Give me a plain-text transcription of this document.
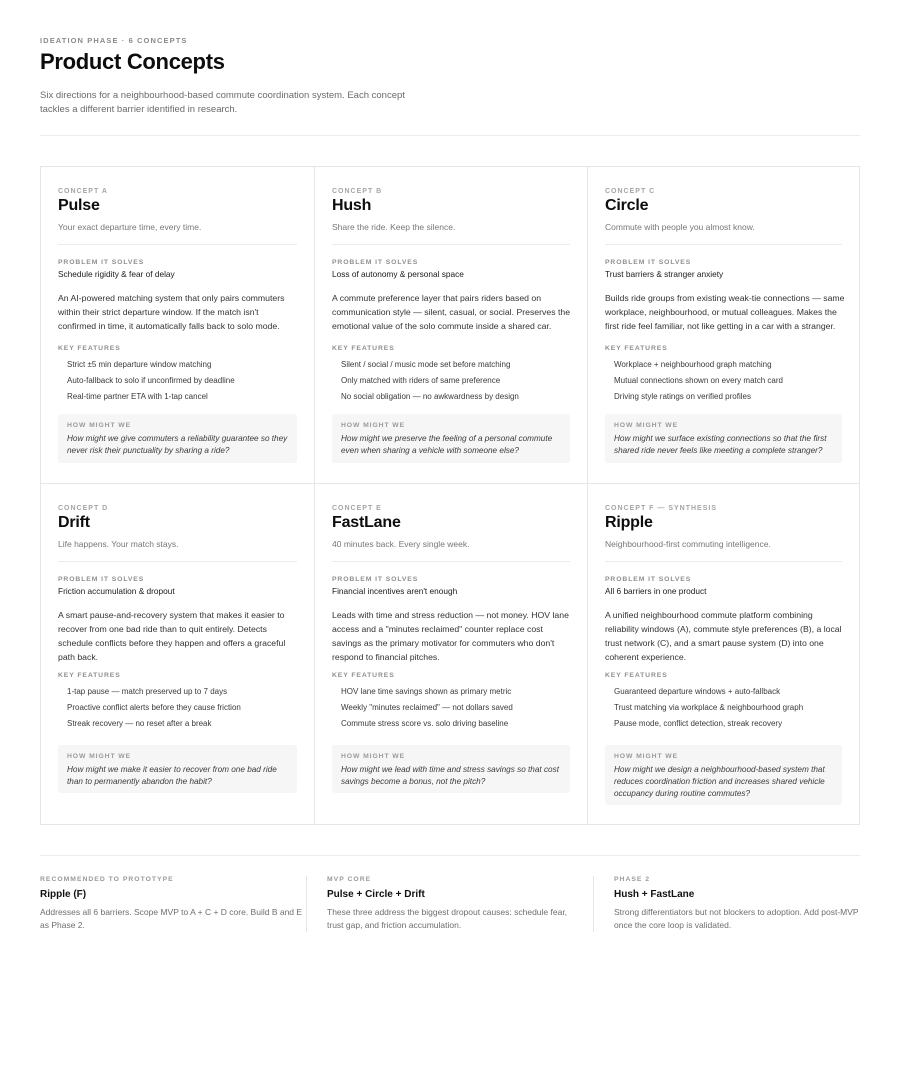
IDEATION PHASE · 6 CONCEPTS
Product Concepts

Six directions for a neighbourhood-based commute coordination system. Each concept tackles a different barrier identified in research.

CONCEPT A
Pulse
Your exact departure time, every time.
PROBLEM IT SOLVES
Schedule rigidity & fear of delay

An AI-powered matching system that only pairs commuters within their strict departure window. If the match isn't confirmed in time, it automatically falls back to solo mode.

KEY FEATURES
Strict ±5 min departure window matching
Auto-fallback to solo if unconfirmed by deadline
Real-time partner ETA with 1-tap cancel
HOW MIGHT WE
How might we give commuters a reliability guarantee so they never risk their punctuality by sharing a ride?
CONCEPT B
Hush
Share the ride. Keep the silence.
PROBLEM IT SOLVES
Loss of autonomy & personal space

A commute preference layer that pairs riders based on communication style — silent, casual, or social. Preserves the emotional value of the solo commute inside a shared car.

KEY FEATURES
Silent / social / music mode set before matching
Only matched with riders of same preference
No social obligation — no awkwardness by design
HOW MIGHT WE
How might we preserve the feeling of a personal commute even when sharing a vehicle with someone else?
CONCEPT C
Circle
Commute with people you almost know.
PROBLEM IT SOLVES
Trust barriers & stranger anxiety

Builds ride groups from existing weak-tie connections — same workplace, neighbourhood, or mutual colleagues. Makes the first ride feel familiar, not like getting in a car with a stranger.

KEY FEATURES
Workplace + neighbourhood graph matching
Mutual connections shown on every match card
Driving style ratings on verified profiles
HOW MIGHT WE
How might we surface existing connections so that the first shared ride never feels like meeting a complete stranger?
CONCEPT D
Drift
Life happens. Your match stays.
PROBLEM IT SOLVES
Friction accumulation & dropout

A smart pause-and-recovery system that makes it easier to recover from one bad ride than to quit entirely. Detects schedule conflicts before they happen and offers a graceful path back.

KEY FEATURES
1-tap pause — match preserved up to 7 days
Proactive conflict alerts before they cause friction
Streak recovery — no reset after a break
HOW MIGHT WE
How might we make it easier to recover from one bad ride than to permanently abandon the habit?
CONCEPT E
FastLane
40 minutes back. Every single week.
PROBLEM IT SOLVES
Financial incentives aren't enough

Leads with time and stress reduction — not money. HOV lane access and a "minutes reclaimed" counter replace cost savings as the primary motivator for commuters who don't respond to financial pitches.

KEY FEATURES
HOV lane time savings shown as primary metric
Weekly "minutes reclaimed" — not dollars saved
Commute stress score vs. solo driving baseline
HOW MIGHT WE
How might we lead with time and stress savings so that cost savings become a bonus, not the pitch?
CONCEPT F — SYNTHESIS
Ripple
Neighbourhood-first commuting intelligence.
PROBLEM IT SOLVES
All 6 barriers in one product

A unified neighbourhood commute platform combining reliability windows (A), commute style preferences (B), a local trust network (C), and a smart pause system (D) into one coherent experience.

KEY FEATURES
Guaranteed departure windows + auto-fallback
Trust matching via workplace & neighbourhood graph
Pause mode, conflict detection, streak recovery
HOW MIGHT WE
How might we design a neighbourhood-based system that reduces coordination friction and increases shared vehicle occupancy during routine commutes?
RECOMMENDED TO PROTOTYPE
Ripple (F)
Addresses all 6 barriers. Scope MVP to A + C + D core. Build B and E as Phase 2.
MVP CORE
Pulse + Circle + Drift
These three address the biggest dropout causes: schedule fear, trust gap, and friction accumulation.
PHASE 2
Hush + FastLane
Strong differentiators but not blockers to adoption. Add post-MVP once the core loop is validated.
